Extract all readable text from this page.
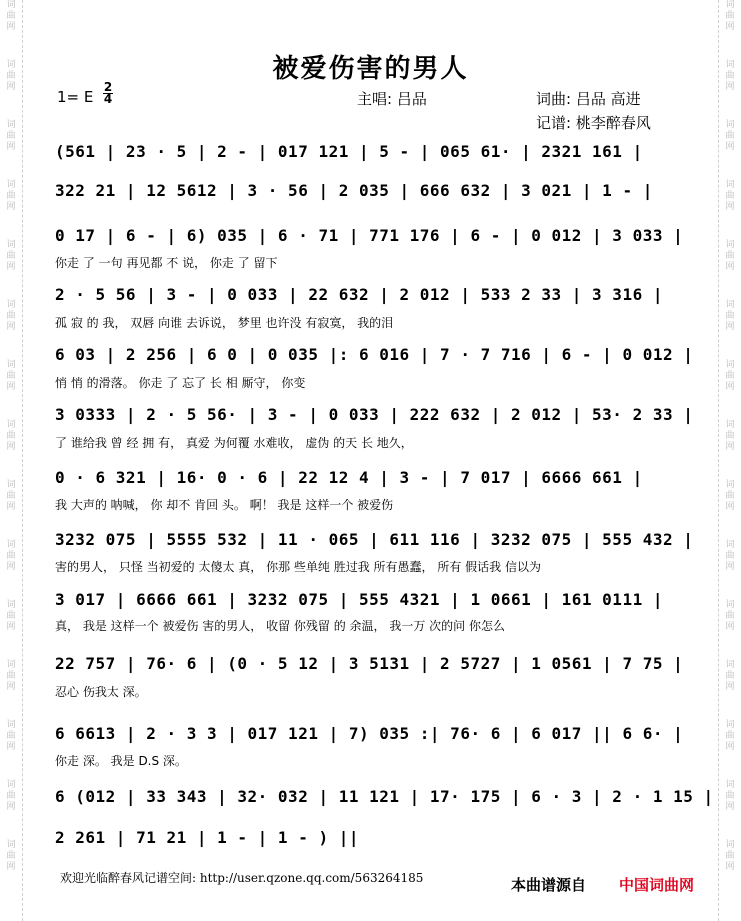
词
曲
网
词
曲
网
词
曲
网
词
曲
网
词
曲
网
词
曲
网
词
曲
网
词
曲
网
词
曲
网
词
曲
网
词
曲
网
词
曲
网
词
曲
网
词
曲
网
词
曲
网
词
曲
网
词
曲
网
词
曲
网
词
曲
网
词
曲
网
词
曲
网
词
曲
网
词
曲
网
词
曲
网
词
曲
网
词
曲
网
词
曲
网
词
曲
网
词
曲
网
词
曲
网
被爱伤害的男人
1= E
2
4	主唱: 吕品	词曲: 吕品 高进
记谱: 桃李醉春风
(561 | 23 · 5 | 2 - | 017 121 | 5 - | 065 61· | 2321 161 |
322 21 | 12 5612 | 3 · 56 | 2 035 | 666 632 | 3 021 | 1 - |
0 17 | 6 - | 6) 035 | 6 · 71 | 771 176 | 6 - | 0 012 | 3 033 |
你走 了 一句 再见都 不 说， 你走 了 留下
2 · 5 56 | 3 - | 0 033 | 22 632 | 2 012 | 533 2 33 | 3 316 |
孤 寂 的 我， 双唇 向谁 去诉说， 梦里 也许没 有寂寞， 我的泪
6 03 | 2 256 | 6 0 | 0 035 |: 6 016 | 7 · 7 716 | 6 - | 0 012 |
悄 悄 的滑落。 你走 了 忘了 长 相 厮守， 你变
3 0333 | 2 · 5 56· | 3 - | 0 033 | 222 632 | 2 012 | 53· 2 33 |
了 谁给我 曾 经 拥 有， 真爱 为何覆 水难收， 虚伪 的天 长 地久，
0 · 6 321 | 16· 0 · 6 | 22 12 4 | 3 - | 7 017 | 6666 661 |
我 大声的 呐喊， 你 却不 肯回 头。 啊！ 我是 这样一个 被爱伤
3232 075 | 5555 532 | 11 · 065 | 611 116 | 3232 075 | 555 432 |
害的男人， 只怪 当初爱的 太傻太 真， 你那 些单纯 胜过我 所有愚蠢， 所有 假话我 信以为
3 017 | 6666 661 | 3232 075 | 555 4321 | 1 0661 | 161 0111 |
真， 我是 这样一个 被爱伤 害的男人， 收留 你残留 的 余温， 我一万 次的问 你怎么
22 757 | 76· 6 | (0 · 5 12 | 3 5131 | 2 5727 | 1 0561 | 7 75 |
忍心 伤我太 深。
6 6613 | 2 · 3 3 | 017 121 | 7) 035 :| 76· 6 | 6 017 || 6 6· |
你走 深。 我是 D.S 深。
6 (012 | 33 343 | 32· 032 | 11 121 | 17· 175 | 6 · 3 | 2 · 1 15 |
2 261 | 71 21 | 1 - | 1 - ) ||
欢迎光临醉春风记谱空间: http://user.qzone.qq.com/563264185	本曲谱源自 中国词曲网
